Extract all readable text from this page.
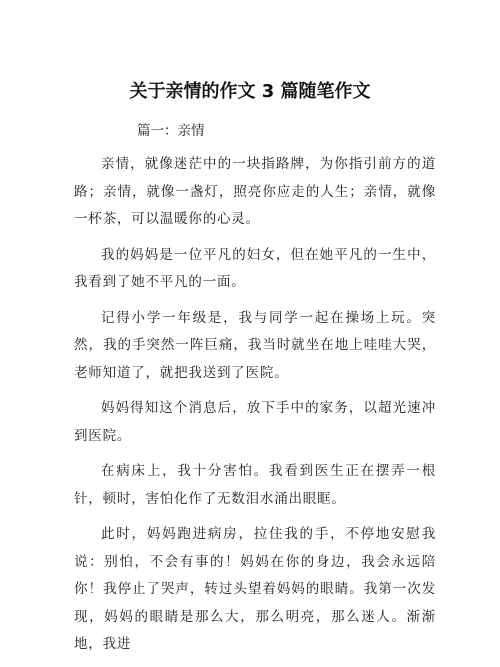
关于亲情的作文 3 篇随笔作文
篇一：亲情

亲情，就像迷茫中的一块指路牌，为你指引前方的道路；亲情，就像一盏灯，照亮你应走的人生；亲情，就像一杯茶，可以温暖你的心灵。

我的妈妈是一位平凡的妇女，但在她平凡的一生中，我看到了她不平凡的一面。

记得小学一年级是，我与同学一起在操场上玩。突然，我的手突然一阵巨痛，我当时就坐在地上哇哇大哭，老师知道了，就把我送到了医院。

妈妈得知这个消息后，放下手中的家务，以超光速冲到医院。

在病床上，我十分害怕。我看到医生正在摆弄一根针，顿时，害怕化作了无数泪水涌出眼眶。

此时，妈妈跑进病房，拉住我的手，不停地安慰我说：别怕，不会有事的！妈妈在你的身边，我会永远陪你！我停止了哭声，转过头望着妈妈的眼睛。我第一次发现，妈妈的眼睛是那么大，那么明亮，那么迷人。渐渐地，我进
